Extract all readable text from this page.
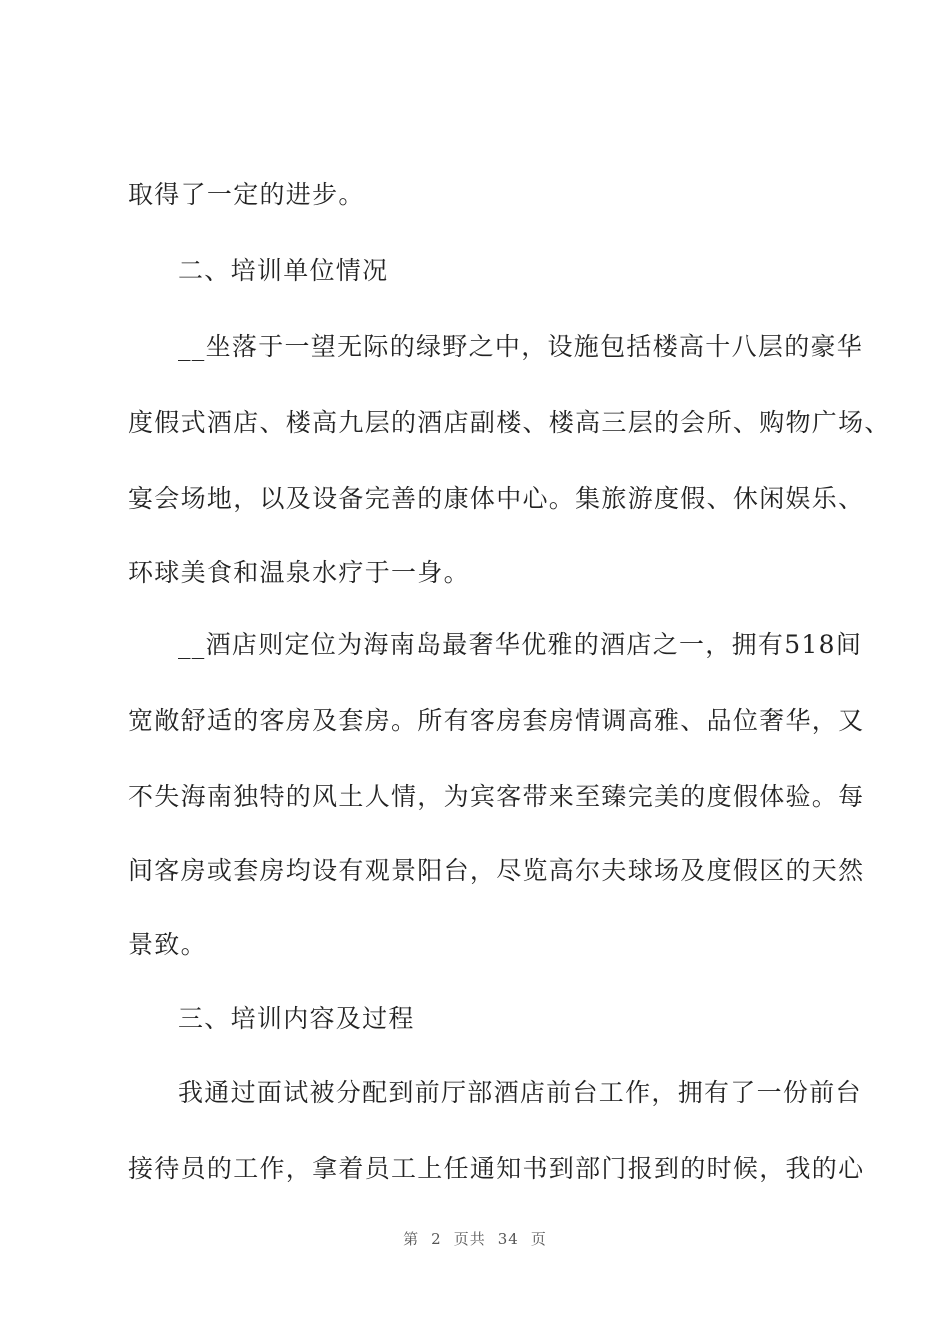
取得了一定的进步。
二、培训单位情况
__坐落于一望无际的绿野之中，设施包括楼高十八层的豪华
度假式酒店、楼高九层的酒店副楼、楼高三层的会所、购物广场、
宴会场地，以及设备完善的康体中心。集旅游度假、休闲娱乐、
环球美食和温泉水疗于一身。
__酒店则定位为海南岛最奢华优雅的酒店之一，拥有518间
宽敞舒适的客房及套房。所有客房套房情调高雅、品位奢华，又
不失海南独特的风土人情，为宾客带来至臻完美的度假体验。每
间客房或套房均设有观景阳台，尽览高尔夫球场及度假区的天然
景致。
三、培训内容及过程
我通过面试被分配到前厅部酒店前台工作，拥有了一份前台
接待员的工作，拿着员工上任通知书到部门报到的时候，我的心
第 2 页共 34 页
